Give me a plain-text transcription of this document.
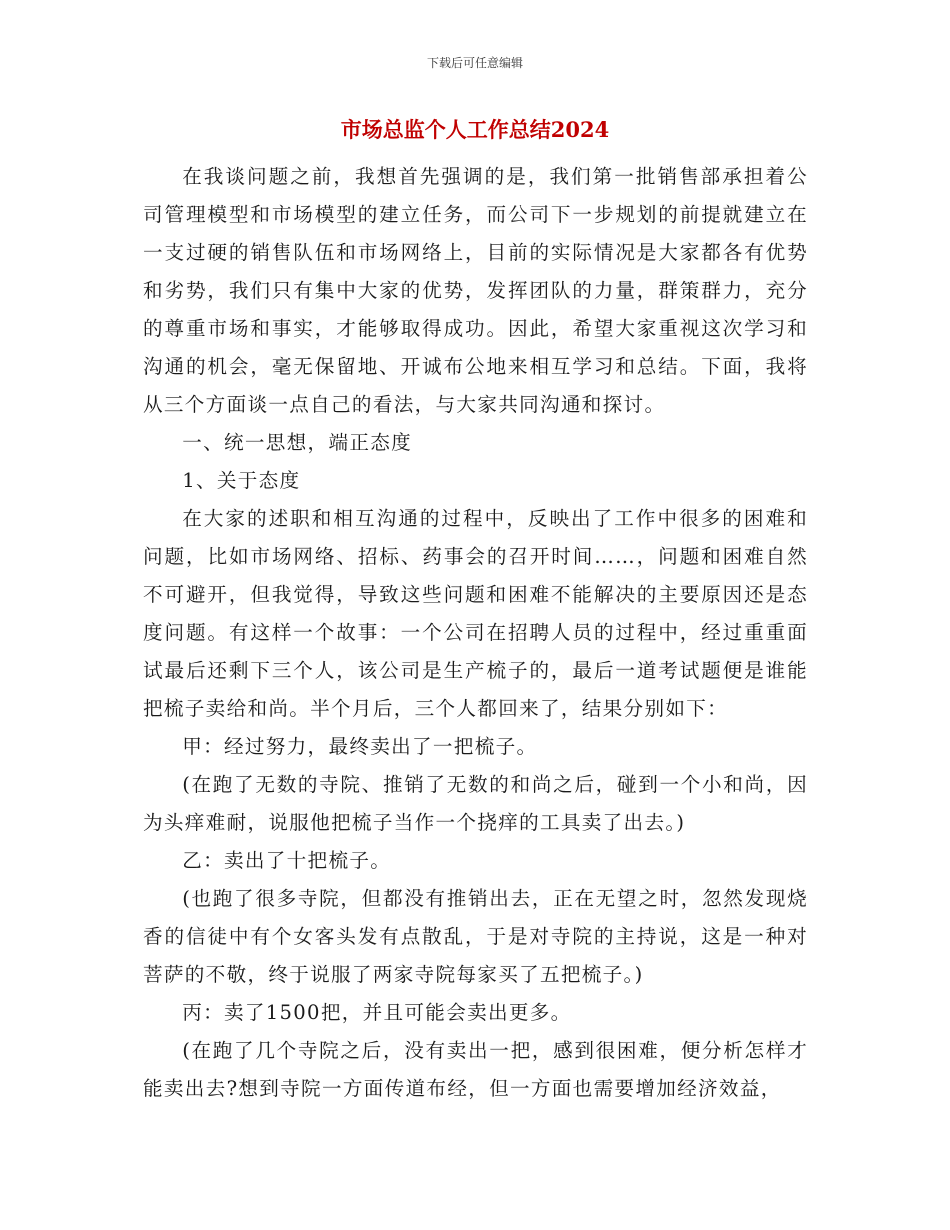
下载后可任意编辑
市场总监个人工作总结2024

在我谈问题之前，我想首先强调的是，我们第一批销售部承担着公司管理模型和市场模型的建立任务，而公司下一步规划的前提就建立在一支过硬的销售队伍和市场网络上，目前的实际情况是大家都各有优势和劣势，我们只有集中大家的优势，发挥团队的力量，群策群力，充分的尊重市场和事实，才能够取得成功。因此，希望大家重视这次学习和沟通的机会，毫无保留地、开诚布公地来相互学习和总结。下面，我将从三个方面谈一点自己的看法，与大家共同沟通和探讨。

一、统一思想，端正态度

1、关于态度

在大家的述职和相互沟通的过程中，反映出了工作中很多的困难和问题，比如市场网络、招标、药事会的召开时间……，问题和困难自然不可避开，但我觉得，导致这些问题和困难不能解决的主要原因还是态度问题。有这样一个故事：一个公司在招聘人员的过程中，经过重重面试最后还剩下三个人，该公司是生产梳子的，最后一道考试题便是谁能把梳子卖给和尚。半个月后，三个人都回来了，结果分别如下：

甲：经过努力，最终卖出了一把梳子。

(在跑了无数的寺院、推销了无数的和尚之后，碰到一个小和尚，因为头痒难耐，说服他把梳子当作一个挠痒的工具卖了出去。)

乙：卖出了十把梳子。

(也跑了很多寺院，但都没有推销出去，正在无望之时，忽然发现烧香的信徒中有个女客头发有点散乱，于是对寺院的主持说，这是一种对菩萨的不敬，终于说服了两家寺院每家买了五把梳子。)

丙：卖了1500把，并且可能会卖出更多。

(在跑了几个寺院之后，没有卖出一把，感到很困难，便分析怎样才能卖出去?想到寺院一方面传道布经，但一方面也需要增加经济效益，
